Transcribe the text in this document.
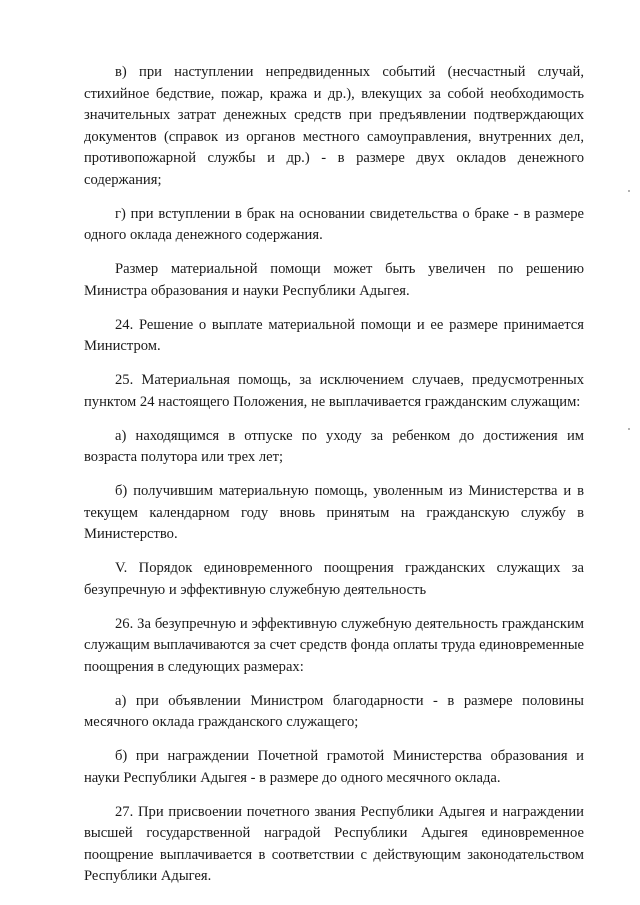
в) при наступлении непредвиденных событий (несчастный случай, стихийное бедствие, пожар, кража и др.), влекущих за собой необходимость значительных затрат денежных средств при предъявлении подтверждающих документов (справок из органов местного самоуправления, внутренних дел, противопожарной службы и др.) - в размере двух окладов денежного содержания;

г) при вступлении в брак на основании свидетельства о браке - в размере одного оклада денежного содержания.

Размер материальной помощи может быть увеличен по решению Министра образования и науки Республики Адыгея.

24. Решение о выплате материальной помощи и ее размере принимается Министром.

25. Материальная помощь, за исключением случаев, предусмотренных пунктом 24 настоящего Положения, не выплачивается гражданским служащим:

а) находящимся в отпуске по уходу за ребенком до достижения им возраста полутора или трех лет;

б) получившим материальную помощь, уволенным из Министерства и в текущем календарном году вновь принятым на гражданскую службу в Министерство.

V. Порядок единовременного поощрения гражданских служащих за безупречную и эффективную служебную деятельность

26. За безупречную и эффективную служебную деятельность гражданским служащим выплачиваются за счет средств фонда оплаты труда единовременные поощрения в следующих размерах:

а) при объявлении Министром благодарности - в размере половины месячного оклада гражданского служащего;

б) при награждении Почетной грамотой Министерства образования и науки Республики Адыгея - в размере до одного месячного оклада.

27. При присвоении почетного звания Республики Адыгея и награждении высшей государственной наградой Республики Адыгея единовременное поощрение выплачивается в соответствии с действующим законодательством Республики Адыгея.
